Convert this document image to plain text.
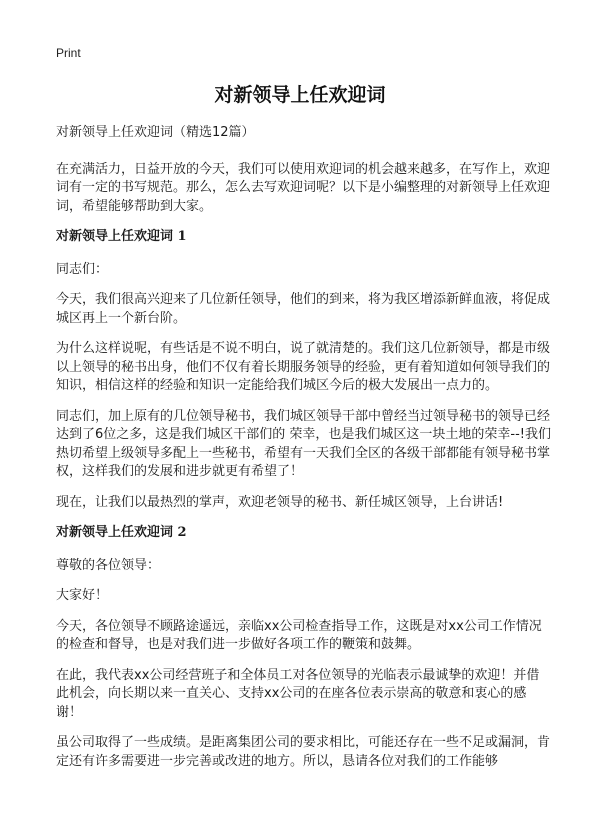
Print
对新领导上任欢迎词

对新领导上任欢迎词（精选12篇）

在充满活力，日益开放的今天，我们可以使用欢迎词的机会越来越多，在写作上，欢迎词有一定的书写规范。那么，怎么去写欢迎词呢？以下是小编整理的对新领导上任欢迎词，希望能够帮助到大家。

对新领导上任欢迎词 1

同志们：

今天，我们很高兴迎来了几位新任领导，他们的到来，将为我区增添新鲜血液，将促成城区再上一个新台阶。

为什么这样说呢，有些话是不说不明白，说了就清楚的。我们这几位新领导，都是市级以上领导的秘书出身，他们不仅有着长期服务领导的经验，更有着知道如何领导我们的知识，相信这样的经验和知识一定能给我们城区今后的极大发展出一点力的。

同志们，加上原有的几位领导秘书，我们城区领导干部中曾经当过领导秘书的领导已经达到了6位之多，这是我们城区干部们的 荣幸，也是我们城区这一块土地的荣幸--!我们热切希望上级领导多配上一些秘书，希望有一天我们全区的各级干部都能有领导秘书掌权，这样我们的发展和进步就更有希望了！

现在，让我们以最热烈的掌声，欢迎老领导的秘书、新任城区领导，上台讲话!

对新领导上任欢迎词 2

尊敬的各位领导：

大家好！

今天，各位领导不顾路途遥远，亲临xx公司检查指导工作，这既是对xx公司工作情况的检查和督导，也是对我们进一步做好各项工作的鞭策和鼓舞。

在此，我代表xx公司经营班子和全体员工对各位领导的光临表示最诚挚的欢迎！并借此机会，向长期以来一直关心、支持xx公司的在座各位表示崇高的敬意和衷心的感谢！

虽公司取得了一些成绩。是距离集团公司的要求相比，可能还存在一些不足或漏洞，肯定还有许多需要进一步完善或改进的地方。所以，恳请各位对我们的工作能够
